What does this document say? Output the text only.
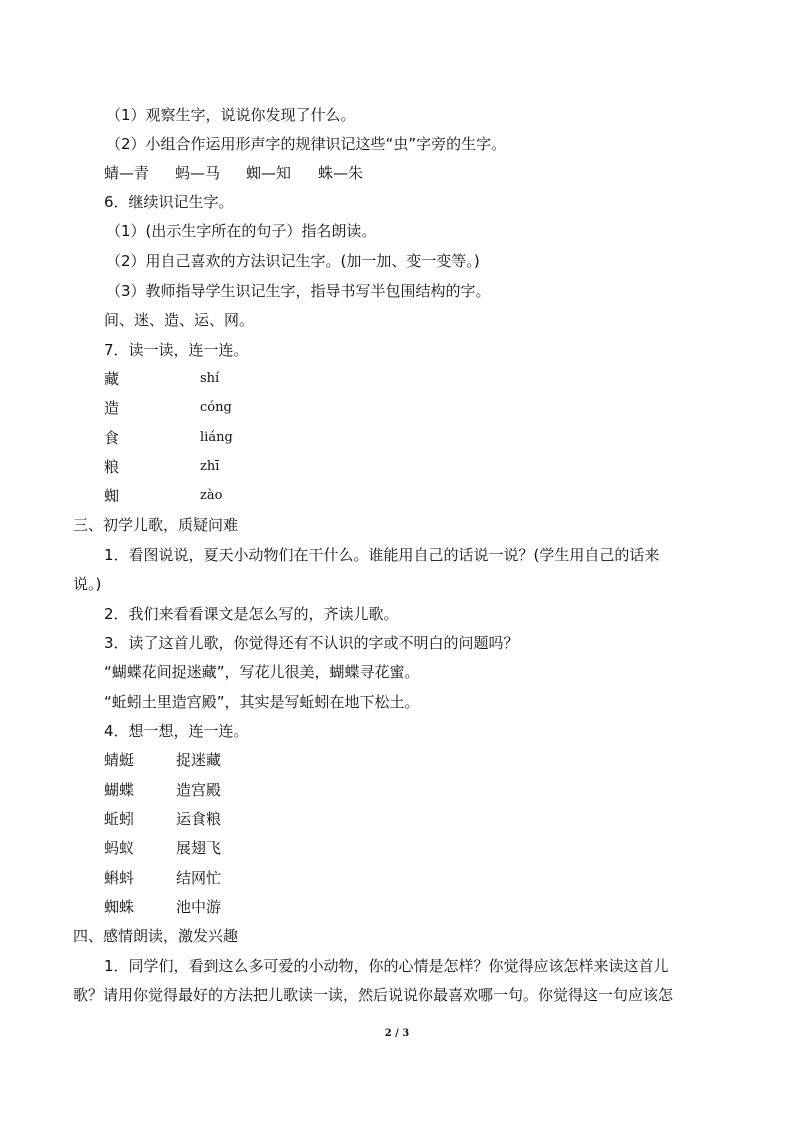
（1）观察生字，说说你发现了什么。
（2）小组合作运用形声字的规律识记这些“虫”字旁的生字。
蜻—青 蚂—马 蜘—知 蛛—朱
6．继续识记生字。
（1）(出示生字所在的句子）指名朗读。
（2）用自己喜欢的方法识记生字。(加一加、变一变等。)
（3）教师指导学生识记生字，指导书写半包围结构的字。
间、迷、造、运、网。
7．读一读，连一连。
藏	shí
造	cóng
食	liáng
粮	zhī
蜘	zào
三、初学儿歌，质疑问难
1．看图说说，夏天小动物们在干什么。谁能用自己的话说一说？(学生用自己的话来
说。)
2．我们来看看课文是怎么写的，齐读儿歌。
3．读了这首儿歌，你觉得还有不认识的字或不明白的问题吗？
“蝴蝶花间捉迷藏”，写花儿很美，蝴蝶寻花蜜。
“蚯蚓土里造宫殿”，其实是写蚯蚓在地下松土。
4．想一想，连一连。
蜻蜓	捉迷藏
蝴蝶	造宫殿
蚯蚓	运食粮
蚂蚁	展翅飞
蝌蚪	结网忙
蜘蛛	池中游
四、感情朗读，激发兴趣
1．同学们，看到这么多可爱的小动物，你的心情是怎样？你觉得应该怎样来读这首儿
歌？请用你觉得最好的方法把儿歌读一读，然后说说你最喜欢哪一句。你觉得这一句应该怎
2 / 3
